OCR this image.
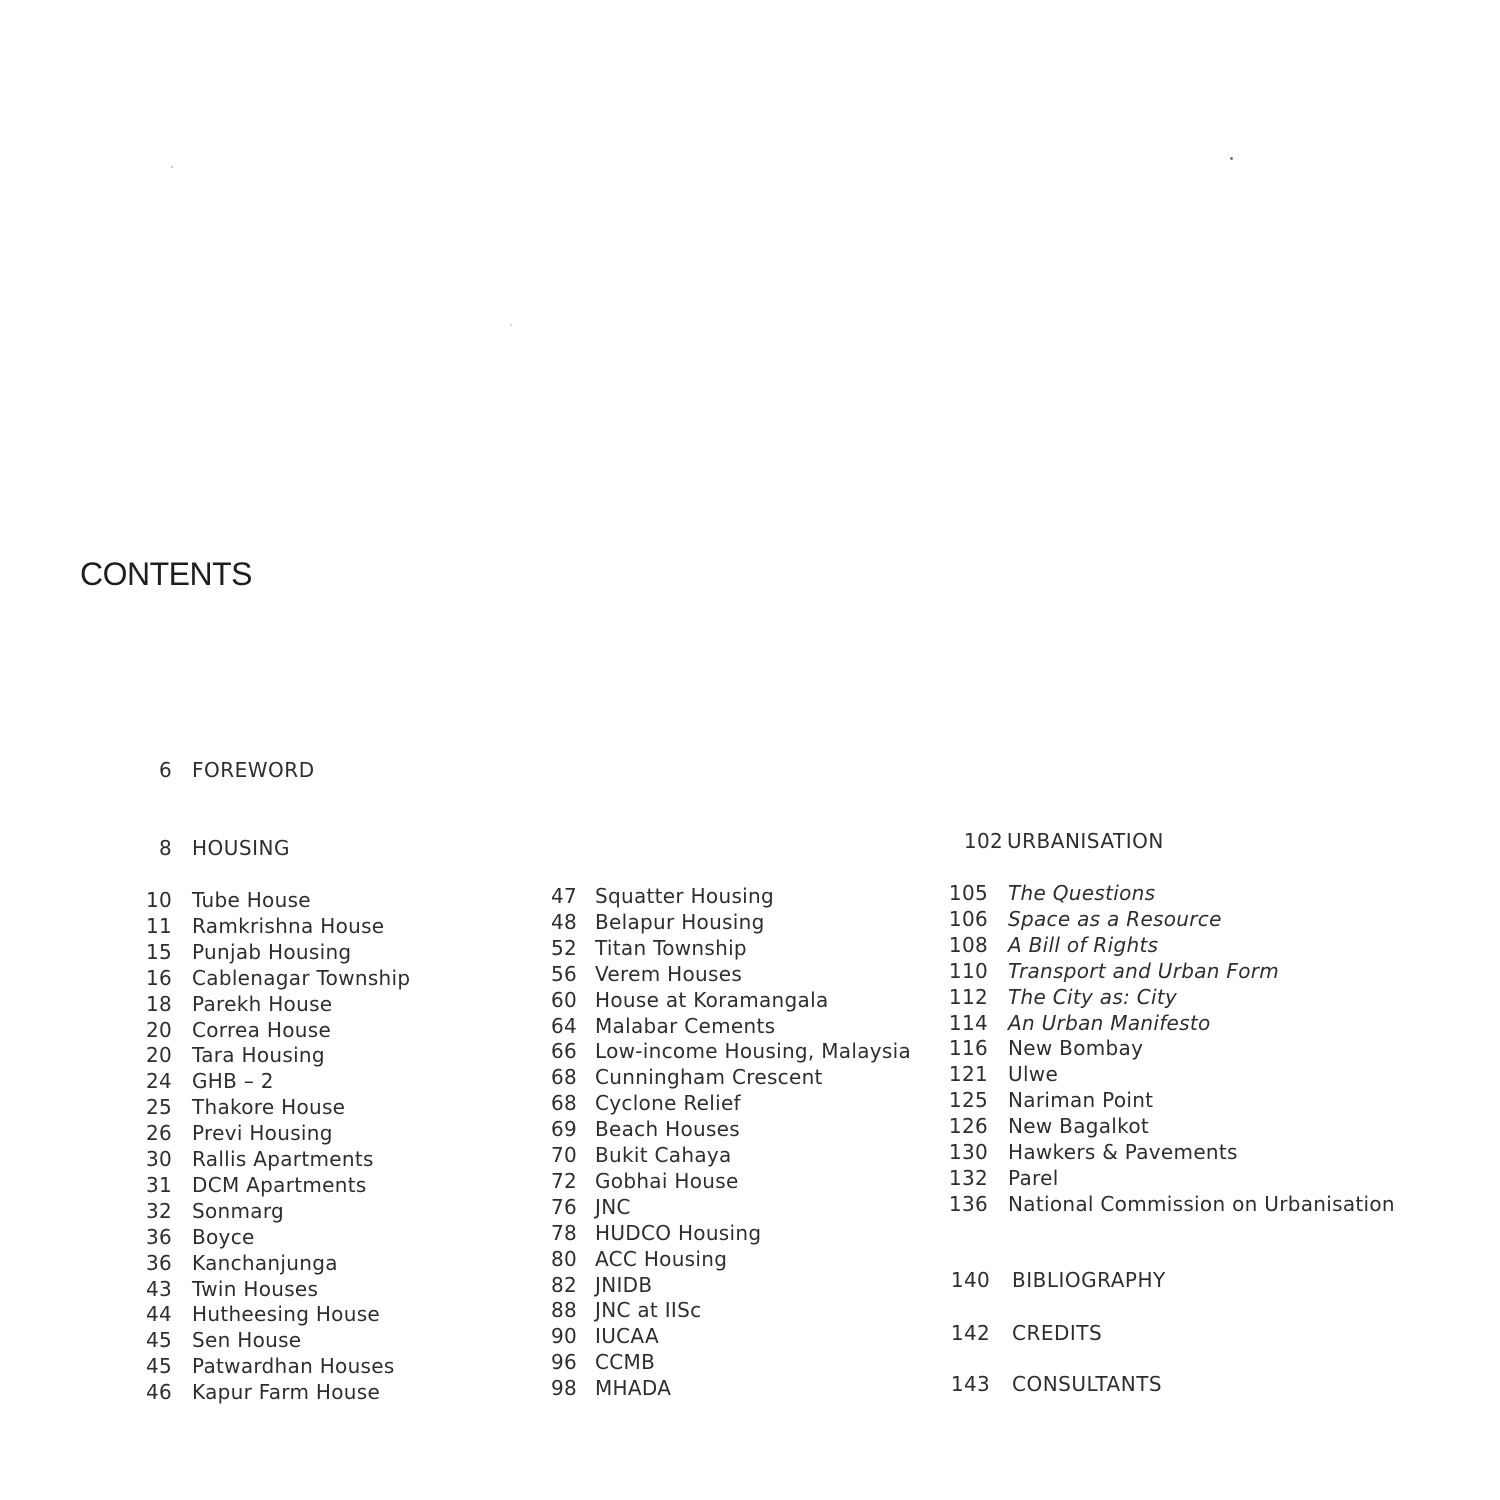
CONTENTS
6 FOREWORD
8 HOUSING
10 Tube House
11 Ramkrishna House
15 Punjab Housing
16 Cablenagar Township
18 Parekh House
20 Correa House
20 Tara Housing
24 GHB – 2
25 Thakore House
26 Previ Housing
30 Rallis Apartments
31 DCM Apartments
32 Sonmarg
36 Boyce
36 Kanchanjunga
43 Twin Houses
44 Hutheesing House
45 Sen House
45 Patwardhan Houses
46 Kapur Farm House
47 Squatter Housing
48 Belapur Housing
52 Titan Township
56 Verem Houses
60 House at Koramangala
64 Malabar Cements
66 Low-income Housing, Malaysia
68 Cunningham Crescent
68 Cyclone Relief
69 Beach Houses
70 Bukit Cahaya
72 Gobhai House
76 JNC
78 HUDCO Housing
80 ACC Housing
82 JNIDB
88 JNC at IISc
90 IUCAA
96 CCMB
98 MHADA
102 URBANISATION
105 The Questions
106 Space as a Resource
108 A Bill of Rights
110 Transport and Urban Form
112 The City as: City
114 An Urban Manifesto
116 New Bombay
121 Ulwe
125 Nariman Point
126 New Bagalkot
130 Hawkers & Pavements
132 Parel
136 National Commission on Urbanisation
140 BIBLIOGRAPHY
142 CREDITS
143 CONSULTANTS
